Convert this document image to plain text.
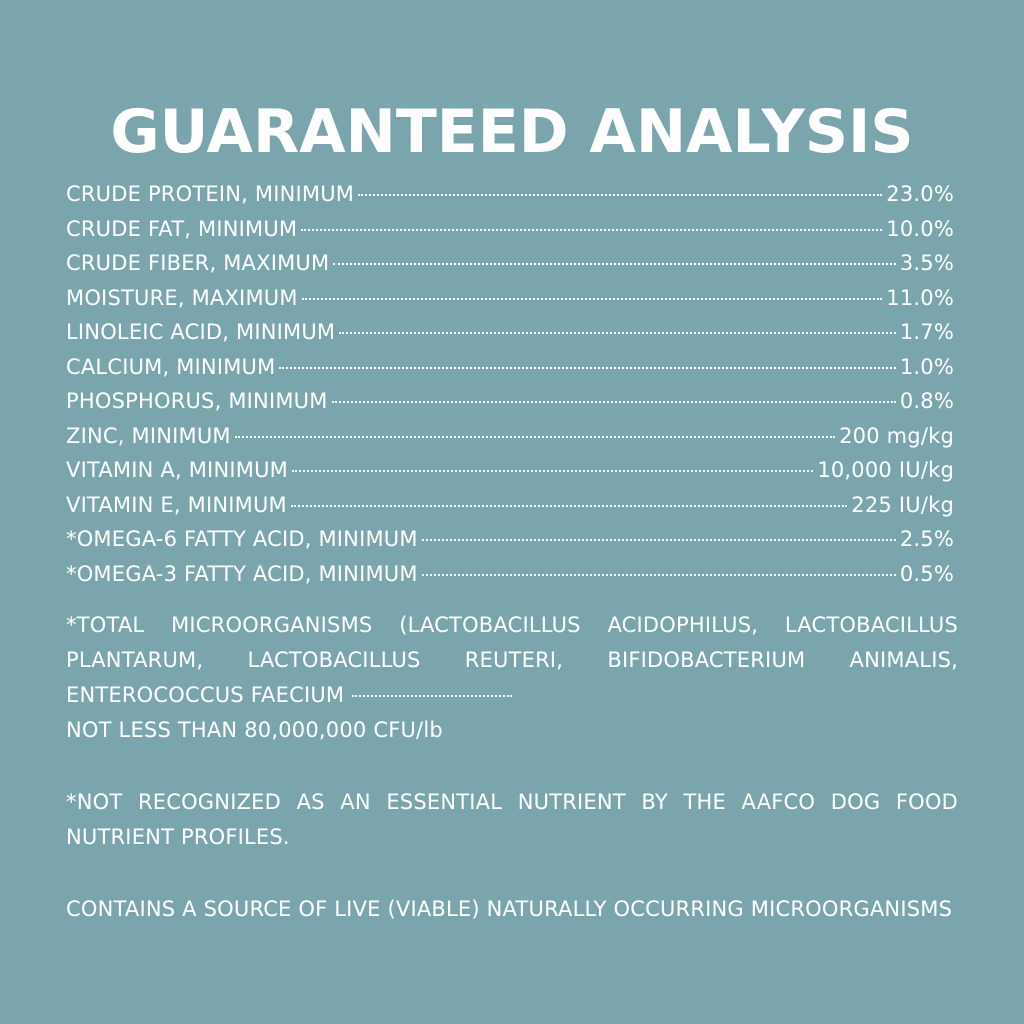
GUARANTEED ANALYSIS
CRUDE PROTEIN, MINIMUM	23.0%
CRUDE FAT, MINIMUM	10.0%
CRUDE FIBER, MAXIMUM	3.5%
MOISTURE, MAXIMUM	11.0%
LINOLEIC ACID, MINIMUM	1.7%
CALCIUM, MINIMUM	1.0%
PHOSPHORUS, MINIMUM	0.8%
ZINC, MINIMUM	200 mg/kg
VITAMIN A, MINIMUM	10,000 IU/kg
VITAMIN E, MINIMUM	225 IU/kg
*OMEGA-6 FATTY ACID, MINIMUM	2.5%
*OMEGA-3 FATTY ACID, MINIMUM	0.5%

*TOTAL MICROORGANISMS (LACTOBACILLUS ACIDOPHILUS, LACTOBACILLUS PLANTARUM, LACTOBACILLUS REUTERI, BIFIDOBACTERIUM ANIMALIS, ENTEROCOCCUS FAECIUM
NOT LESS THAN 80,000,000 CFU/lb

*NOT RECOGNIZED AS AN ESSENTIAL NUTRIENT BY THE AAFCO DOG FOOD NUTRIENT PROFILES.

CONTAINS A SOURCE OF LIVE (VIABLE) NATURALLY OCCURRING MICROORGANISMS
